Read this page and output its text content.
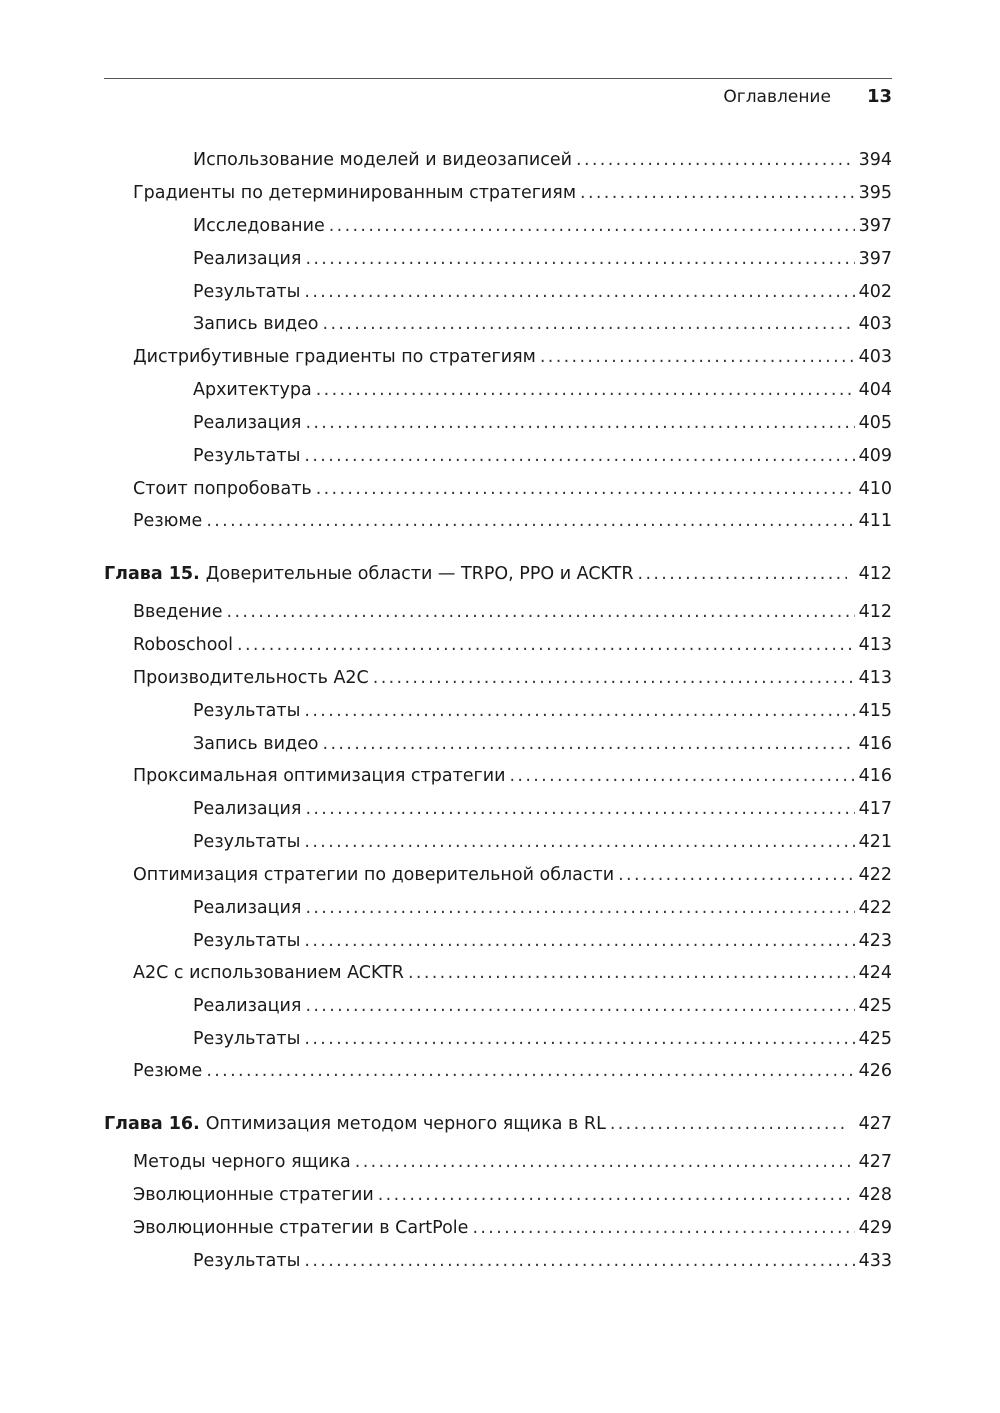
Оглавление 13
Использование моделей и видеозаписей . . .	394
Градиенты по детерминированным стратегиям . . .	395
Исследование . . .	397
Реализация . . .	397
Результаты . . .	402
Запись видео . . .	403
Дистрибутивные градиенты по стратегиям . . .	403
Архитектура . . .	404
Реализация . . .	405
Результаты . . .	409
Стоит попробовать . . .	410
Резюме . . .	411
Глава 15. Доверительные области — TRPO, PPO и ACKTR . . .	412
Введение . . .	412
Roboschool . . .	413
Производительность A2C . . .	413
Результаты . . .	415
Запись видео . . .	416
Проксимальная оптимизация стратегии . . .	416
Реализация . . .	417
Результаты . . .	421
Оптимизация стратегии по доверительной области . . .	422
Реализация . . .	422
Результаты . . .	423
A2C с использованием ACKTR . . .	424
Реализация . . .	425
Результаты . . .	425
Резюме . . .	426
Глава 16. Оптимизация методом черного ящика в RL . . .	427
Методы черного ящика . . .	427
Эволюционные стратегии . . .	428
Эволюционные стратегии в CartPole . . .	429
Результаты . . .	433
